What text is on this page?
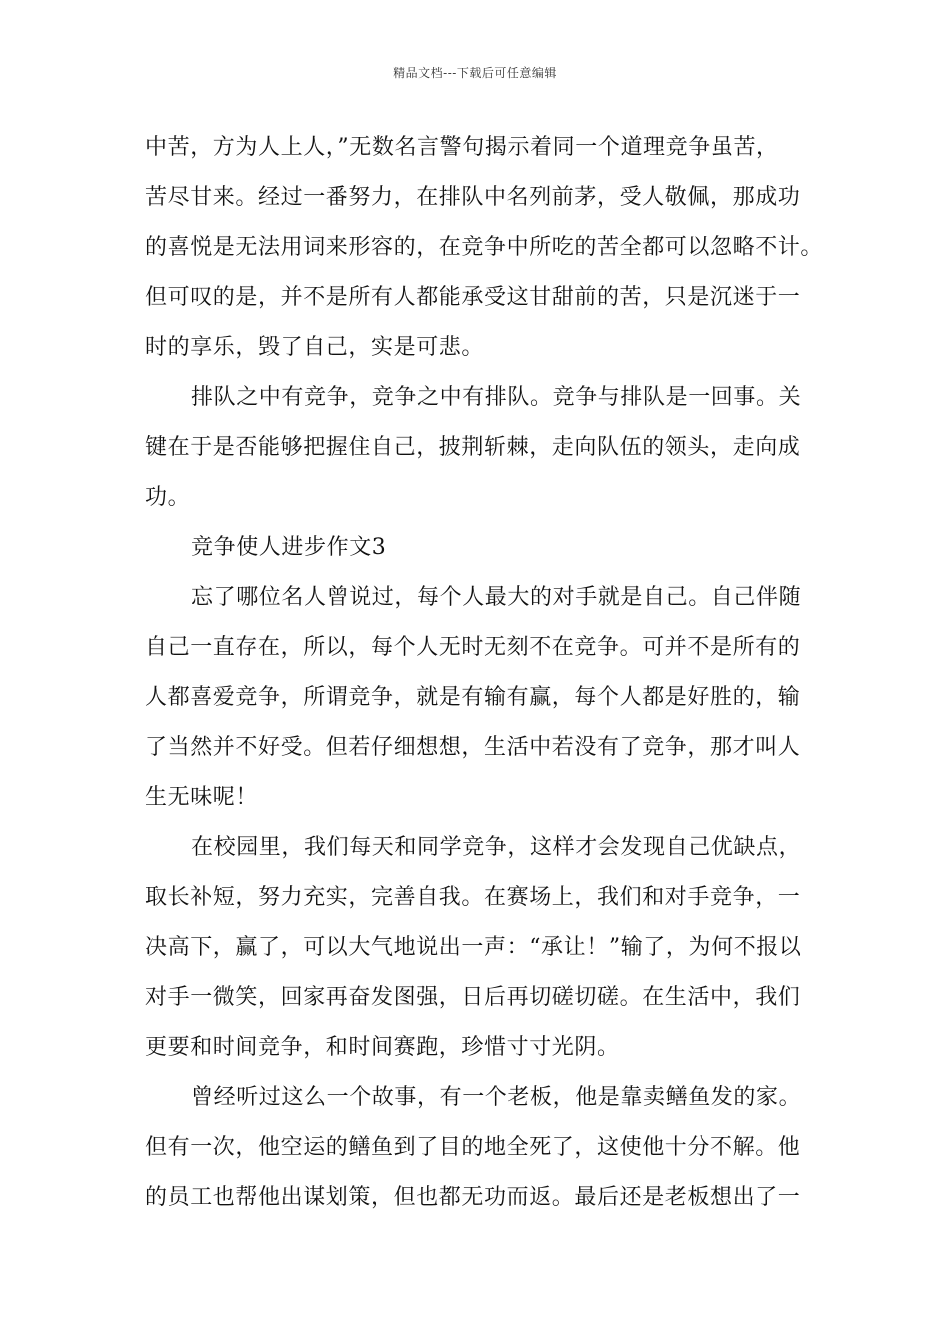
精品文档---下载后可任意编辑
中苦，方为人上人，”无数名言警句揭示着同一个道理竞争虽苦，
苦尽甘来。经过一番努力，在排队中名列前茅，受人敬佩，那成功
的喜悦是无法用词来形容的，在竞争中所吃的苦全都可以忽略不计。
但可叹的是，并不是所有人都能承受这甘甜前的苦，只是沉迷于一
时的享乐，毁了自己，实是可悲。
排队之中有竞争，竞争之中有排队。竞争与排队是一回事。关
键在于是否能够把握住自己，披荆斩棘，走向队伍的领头，走向成
功。
竞争使人进步作文3
忘了哪位名人曾说过，每个人最大的对手就是自己。自己伴随
自己一直存在，所以，每个人无时无刻不在竞争。可并不是所有的
人都喜爱竞争，所谓竞争，就是有输有赢，每个人都是好胜的，输
了当然并不好受。但若仔细想想，生活中若没有了竞争，那才叫人
生无味呢！
在校园里，我们每天和同学竞争，这样才会发现自己优缺点，
取长补短，努力充实，完善自我。在赛场上，我们和对手竞争，一
决高下，赢了，可以大气地说出一声：“承让！”输了，为何不报以
对手一微笑，回家再奋发图强，日后再切磋切磋。在生活中，我们
更要和时间竞争，和时间赛跑，珍惜寸寸光阴。
曾经听过这么一个故事，有一个老板，他是靠卖鳝鱼发的家。
但有一次，他空运的鳝鱼到了目的地全死了，这使他十分不解。他
的员工也帮他出谋划策，但也都无功而返。最后还是老板想出了一
